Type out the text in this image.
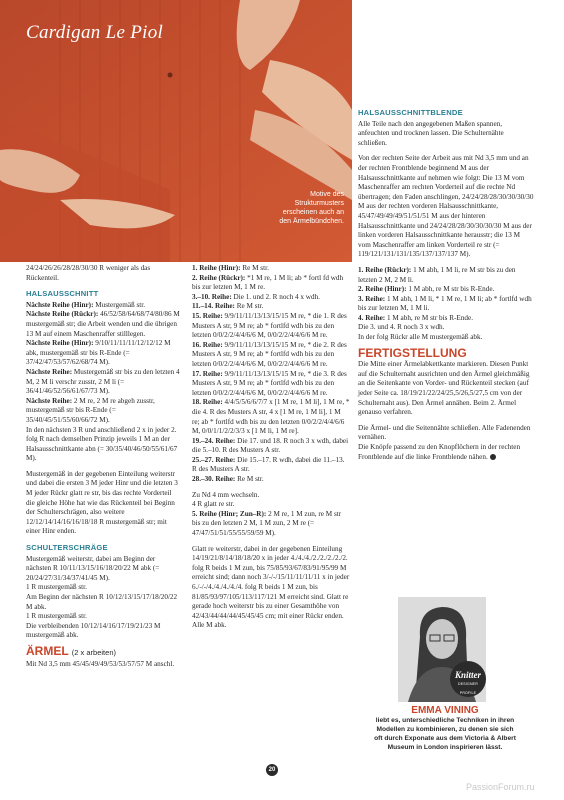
Cardigan Le Piol
Motive des
Strukturmusters
erscheinen auch an
den Ärmelbündchen.

24/24/26/26/28/28/30/30 R weniger als das Rückenteil.

HALSAUSSCHNITT

Nächste Reihe (Hinr): Mustergemäß str.

Nächste Reihe (Rückr): 46/52/58/64/68/74/80/86 M mustergemäß str; die Arbeit wenden und die übrigen 13 M auf einem Maschenraffer stilllegen.

Nächste Reihe (Hinr): 9/10/11/11/11/12/12/12 M abk, mustergemäß str bis R-Ende (= 37/42/47/53/57/62/68/74 M).

Nächste Reihe: Mustergemäß str bis zu den letzten 4 M, 2 M li verschr zusstr, 2 M li (= 36/41/46/52/56/61/67/73 M).

Nächste Reihe: 2 M re, 2 M re abgeh zusstr, mustergemäß str bis R-Ende (= 35/40/45/51/55/60/66/72 M).

In den nächsten 3 R und anschließend 2 x in jeder 2. folg R nach demselben Prinzip jeweils 1 M an der Halsausschnittkante abn (= 30/35/40/46/50/55/61/67 M).

Mustergemäß in der gegebenen Einteilung weiterstr und dabei die ersten 3 M jeder Hinr und die letzten 3 M jeder Rückr glatt re str, bis das rechte Vorderteil die gleiche Höhe hat wie das Rückenteil bei Beginn der Schulterschrägen, also weitere 12/12/14/14/16/16/18/18 R mustergemäß str; mit einer Hinr enden.

SCHULTERSCHRÄGE

Mustergemäß weiterstr, dabei am Beginn der nächsten R 10/11/13/15/16/18/20/22 M abk (= 20/24/27/31/34/37/41/45 M).

1 R mustergemäß str.

Am Beginn der nächsten R 10/12/13/15/17/18/20/22 M abk.

1 R mustergemäß str.

Die verbleibenden 10/12/14/16/17/19/21/23 M mustergemäß abk.

ÄRMEL (2 x arbeiten)

Mit Nd 3,5 mm 45/45/49/49/53/53/57/57 M anschl.

1. Reihe (Hinr): Re M str.

2. Reihe (Rückr): *1 M re, 1 M li; ab * fortl fd wdh bis zur letzten M, 1 M re.

3.–10. Reihe: Die 1. und 2. R noch 4 x wdh.

11.–14. Reihe: Re M str.

15. Reihe: 9/9/11/11/13/13/15/15 M re, * die 1. R des Musters A str, 9 M re; ab * fortlfd wdh bis zu den letzten 0/0/2/2/4/4/6/6 M, 0/0/2/2/4/4/6/6 M re.

16. Reihe: 9/9/11/11/13/13/15/15 M re, * die 2. R des Musters A str, 9 M re; ab * fortlfd wdh bis zu den letzten 0/0/2/2/4/4/6/6 M, 0/0/2/2/4/4/6/6 M re.

17. Reihe: 9/9/11/11/13/13/15/15 M re, * die 3. R des Musters A str, 9 M re; ab * fortlfd wdh bis zu den letzten 0/0/2/2/4/4/6/6 M, 0/0/2/2/4/4/6/6 M re.

18. Reihe: 4/4/5/5/6/6/7/7 x [1 M re, 1 M li], 1 M re, * die 4. R des Musters A str, 4 x [1 M re, 1 M li], 1 M re; ab * fortlfd wdh bis zu den letzten 0/0/2/2/4/4/6/6 M, 0/0/1/1/2/2/3/3 x [1 M li, 1 M re].

19.–24. Reihe: Die 17. und 18. R noch 3 x wdh, dabei die 5.–10. R des Musters A str.

25.–27. Reihe: Die 15.–17. R wdh, dabei die 11.–13. R des Musters A str.

28.–30. Reihe: Re M str.

Zu Nd 4 mm wechseln.

4 R glatt re str.

5. Reihe (Hinr; Zun–R): 2 M re, 1 M zun, re M str bis zu den letzten 2 M, 1 M zun, 2 M re (= 47/47/51/51/55/55/59/59 M).

Glatt re weiterstr, dabei in der gegebenen Einteilung 14/19/21/8/14/18/18/20 x in jeder 4./4./4./2./2./2./2./2. folg R beids 1 M zun, bis 75/85/93/67/83/91/95/99 M erreicht sind; dann noch 3/-/-/15/11/11/11/11 x in jeder 6./-/-/4./4./4./4./4. folg R beids 1 M zun, bis 81/85/93/97/105/113/117/121 M erreicht sind. Glatt re gerade hoch weiterstr bis zu einer Gesamthöhe von 42/43/44/44/44/45/45/45 cm; mit einer Rückr enden.

Alle M abk.

HALSAUSSCHNITTBLENDE

Alle Teile nach den angegebenen Maßen spannen, anfeuchten und trocknen lassen. Die Schulternähte schließen.

Von der rechten Seite der Arbeit aus mit Nd 3,5 mm und an der rechten Frontblende beginnend M aus der Halsausschnittkante auf nehmen wie folgt: Die 13 M vom Maschenraffer am rechten Vorderteil auf die rechte Nd übertragen; den Faden anschlingen, 24/24/28/28/30/30/30/30 M aus der rechten vorderen Halsausschnittkante, 45/47/49/49/49/51/51/51 M aus der hinteren Halsausschnittkante und 24/24/28/28/30/30/30/30 M aus der linken vorderen Halsausschnittkante herausstr; die 13 M vom Maschenraffer am linken Vorderteil re str (= 119/121/131/131/135/137/137/137 M).

1. Reihe (Rückr): 1 M abh, 1 M li, re M str bis zu den letzten 2 M, 2 M li.

2. Reihe (Hinr): 1 M abh, re M str bis R-Ende.

3. Reihe: 1 M abh, 1 M li, * 1 M re, 1 M li; ab * fortlfd wdh bis zur letzten M, 1 M li.

4. Reihe: 1 M abh, re M str bis R-Ende.

Die 3. und 4. R noch 3 x wdh.

In der folg Rückr alle M mustergemäß abk.

FERTIGSTELLUNG

Die Mitte einer Ärmelabkettkante markieren. Diesen Punkt auf die Schulternaht ausrichten und den Ärmel gleichmäßig an die Seitenkante von Vorder- und Rückenteil stecken (auf jeder Seite ca. 18/19/21/22/24/25,5/26,5/27,5 cm von der Schulternaht aus). Den Ärmel annähen. Beim 2. Ärmel genauso verfahren.

Die Ärmel- und die Seitennähte schließen. Alle Fadenenden vernähen.

Die Knöpfe passend zu den Knopflöchern in der rechten Frontblende auf die linke Frontblende nähen.

Knitter
DESIGNER PROFILE
EMMA VINING
liebt es, unterschiedliche Techniken in ihren
Modellen zu kombinieren, zu denen sie sich
oft durch Exponate aus dem Victoria & Albert
Museum in London inspirieren lässt.
20
PassionForum.ru
